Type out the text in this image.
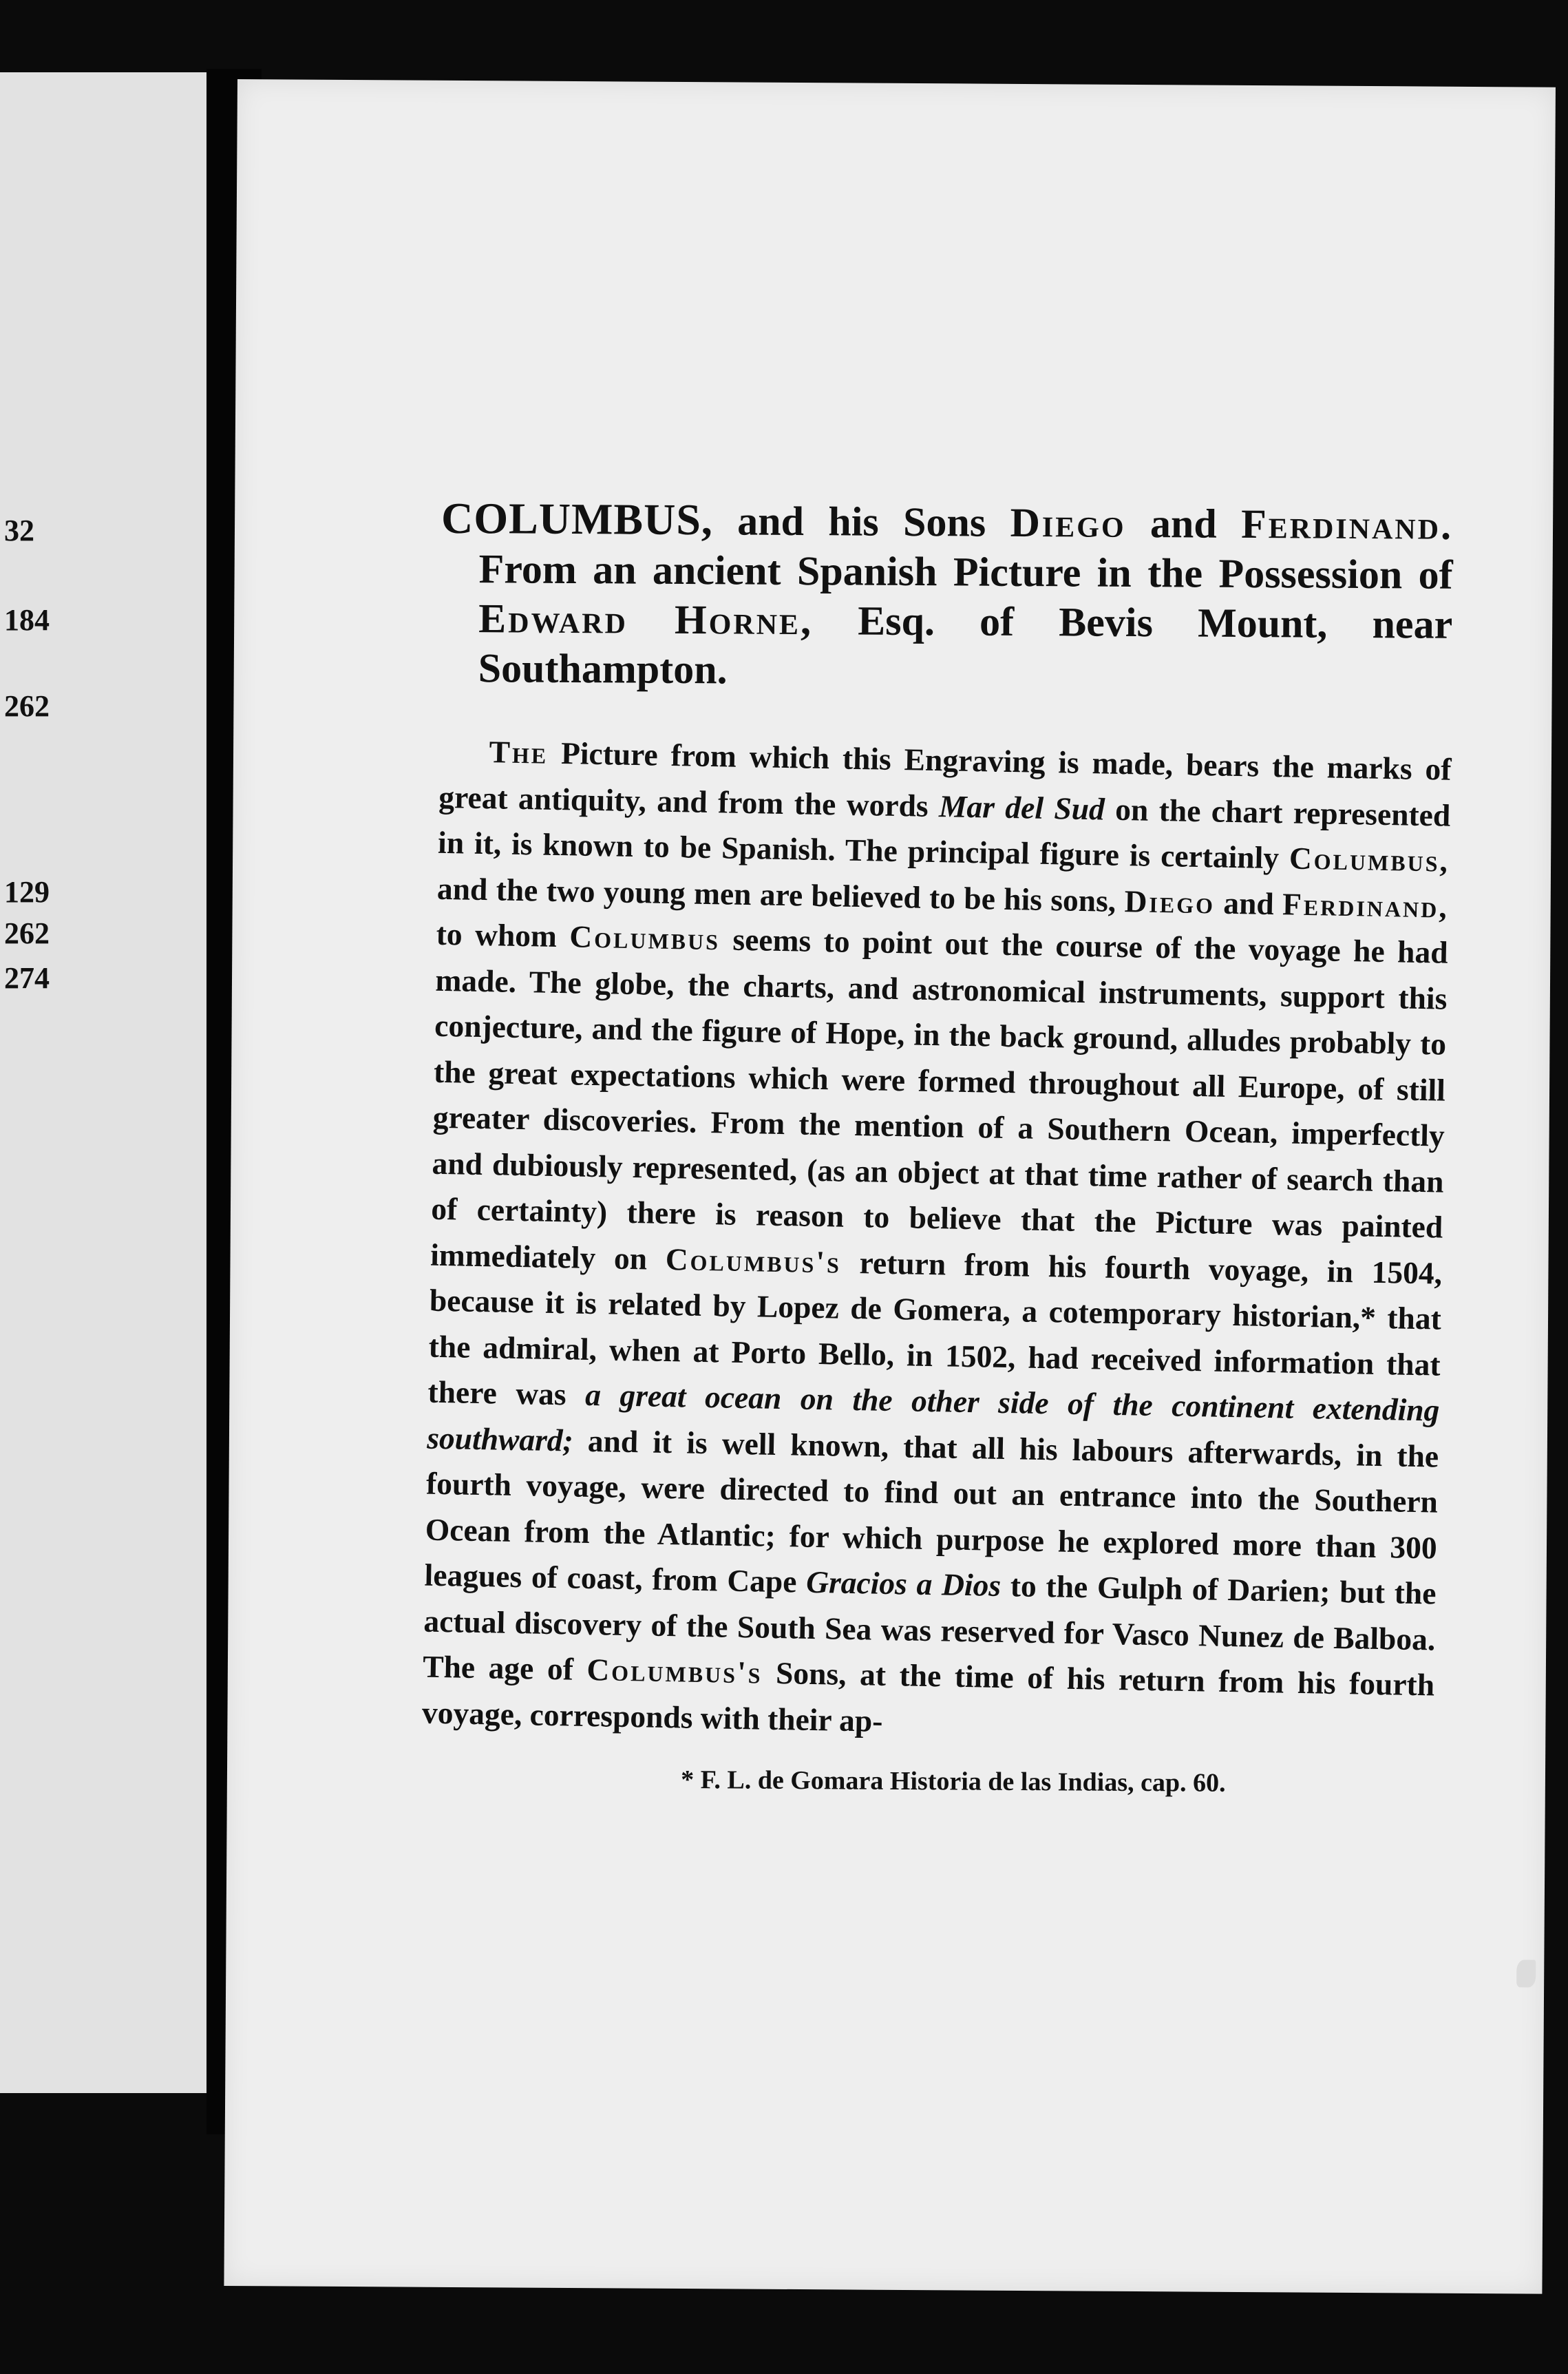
32
184
262
129
262
274

COLUMBUS, and his Sons Diego and Ferdinand. From an ancient Spanish Picture in the Possession of Edward Horne, Esq. of Bevis Mount, near Southampton.

The Picture from which this Engraving is made, bears the marks of great antiquity, and from the words Mar del Sud on the chart represented in it, is known to be Spanish. The principal figure is certainly Columbus, and the two young men are believed to be his sons, Diego and Ferdinand, to whom Columbus seems to point out the course of the voyage he had made. The globe, the charts, and astronomical instruments, support this conjecture, and the figure of Hope, in the back ground, alludes probably to the great expectations which were formed throughout all Europe, of still greater discoveries. From the mention of a Southern Ocean, imperfectly and dubiously represented, (as an object at that time rather of search than of certainty) there is reason to believe that the Picture was painted immediately on Columbus's return from his fourth voyage, in 1504, because it is related by Lopez de Gomera, a cotemporary historian,* that the admiral, when at Porto Bello, in 1502, had received information that there was a great ocean on the other side of the continent extending southward; and it is well known, that all his labours afterwards, in the fourth voyage, were directed to find out an entrance into the Southern Ocean from the Atlantic; for which purpose he explored more than 300 leagues of coast, from Cape Gracios a Dios to the Gulph of Darien; but the actual discovery of the South Sea was reserved for Vasco Nunez de Balboa. The age of Columbus's Sons, at the time of his return from his fourth voyage, corresponds with their ap-

* F. L. de Gomara Historia de las Indias, cap. 60.
